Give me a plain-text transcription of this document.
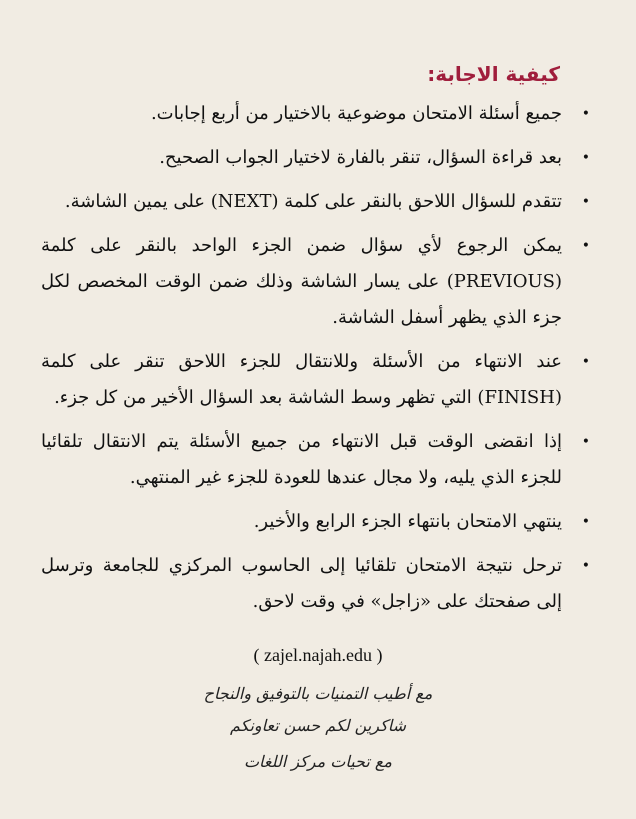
كيفية الاجابة:
•
جميع أسئلة الامتحان موضوعية بالاختيار من أربع إجابات.
•
بعد قراءة السؤال، تنقر بالفارة لاختيار الجواب الصحيح.
•
تتقدم للسؤال اللاحق بالنقر على كلمة (NEXT) على يمين الشاشة.
•
يمكن الرجوع لأي سؤال ضمن الجزء الواحد بالنقر على كلمة (PREVIOUS) على يسار الشاشة وذلك ضمن الوقت المخصص لكل جزء الذي يظهر أسفل الشاشة.
•
عند الانتهاء من الأسئلة وللانتقال للجزء اللاحق تنقر على كلمة (FINISH) التي تظهر وسط الشاشة بعد السؤال الأخير من كل جزء.
•
إذا انقضى الوقت قبل الانتهاء من جميع الأسئلة يتم الانتقال تلقائيا للجزء الذي يليه، ولا مجال عندها للعودة للجزء غير المنتهي.
•
ينتهي الامتحان بانتهاء الجزء الرابع والأخير.
•
ترحل نتيجة الامتحان تلقائيا إلى الحاسوب المركزي للجامعة وترسل إلى صفحتك على «زاجل» في وقت لاحق.
( zajel.najah.edu )
مع أطيب التمنيات بالتوفيق والنجاح
شاكرين لكم حسن تعاونكم
مع تحيات مركز اللغات
